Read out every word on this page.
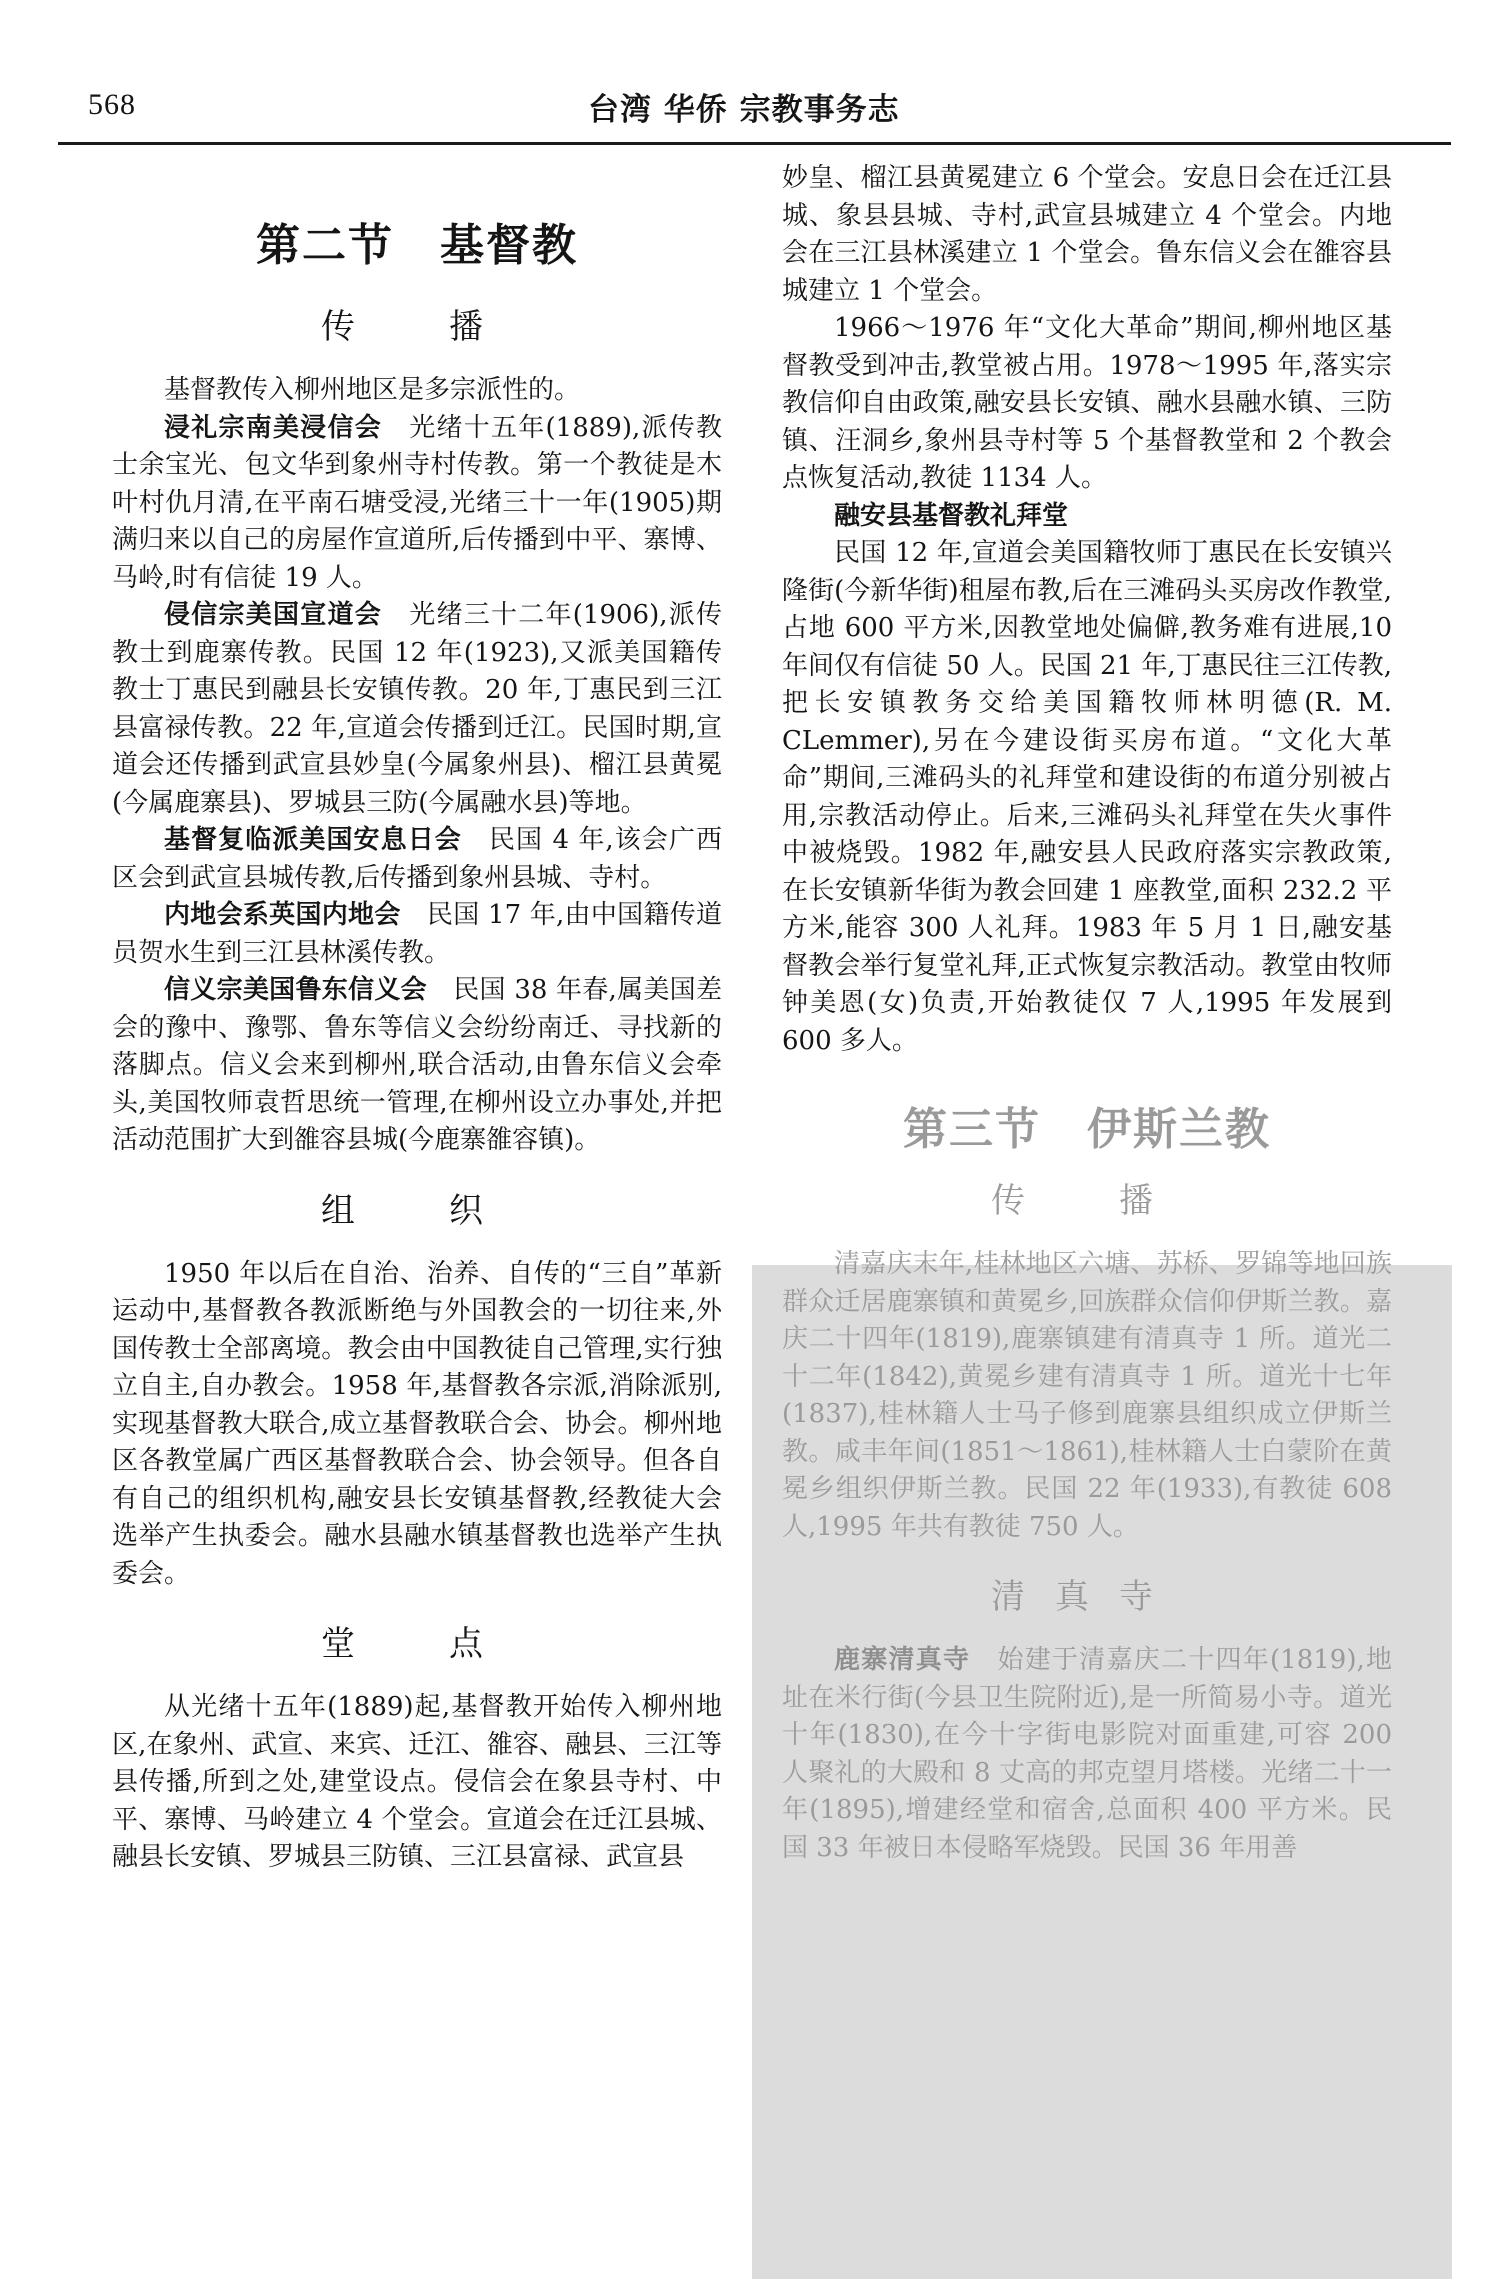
568	台湾 华侨 宗教事务志
第二节　基督教
传　播

基督教传入柳州地区是多宗派性的。

浸礼宗南美浸信会　光绪十五年(1889),派传教士余宝光、包文华到象州寺村传教。第一个教徒是木叶村仇月清,在平南石塘受浸,光绪三十一年(1905)期满归来以自己的房屋作宣道所,后传播到中平、寨博、马岭,时有信徒 19 人。

侵信宗美国宣道会　光绪三十二年(1906),派传教士到鹿寨传教。民国 12 年(1923),又派美国籍传教士丁惠民到融县长安镇传教。20 年,丁惠民到三江县富禄传教。22 年,宣道会传播到迁江。民国时期,宣道会还传播到武宣县妙皇(今属象州县)、榴江县黄冕(今属鹿寨县)、罗城县三防(今属融水县)等地。

基督复临派美国安息日会　民国 4 年,该会广西区会到武宣县城传教,后传播到象州县城、寺村。

内地会系英国内地会　民国 17 年,由中国籍传道员贺水生到三江县林溪传教。

信义宗美国鲁东信义会　民国 38 年春,属美国差会的豫中、豫鄂、鲁东等信义会纷纷南迁、寻找新的落脚点。信义会来到柳州,联合活动,由鲁东信义会牵头,美国牧师袁哲思统一管理,在柳州设立办事处,并把活动范围扩大到雒容县城(今鹿寨雒容镇)。

组　织

1950 年以后在自治、治养、自传的“三自”革新运动中,基督教各教派断绝与外国教会的一切往来,外国传教士全部离境。教会由中国教徒自己管理,实行独立自主,自办教会。1958 年,基督教各宗派,消除派别,实现基督教大联合,成立基督教联合会、协会。柳州地区各教堂属广西区基督教联合会、协会领导。但各自有自己的组织机构,融安县长安镇基督教,经教徒大会选举产生执委会。融水县融水镇基督教也选举产生执委会。

堂　点

从光绪十五年(1889)起,基督教开始传入柳州地区,在象州、武宣、来宾、迁江、雒容、融县、三江等县传播,所到之处,建堂设点。侵信会在象县寺村、中平、寨博、马岭建立 4 个堂会。宣道会在迁江县城、融县长安镇、罗城县三防镇、三江县富禄、武宣县

妙皇、榴江县黄冕建立 6 个堂会。安息日会在迁江县城、象县县城、寺村,武宣县城建立 4 个堂会。内地会在三江县林溪建立 1 个堂会。鲁东信义会在雒容县城建立 1 个堂会。

1966～1976 年“文化大革命”期间,柳州地区基督教受到冲击,教堂被占用。1978～1995 年,落实宗教信仰自由政策,融安县长安镇、融水县融水镇、三防镇、汪洞乡,象州县寺村等 5 个基督教堂和 2 个教会点恢复活动,教徒 1134 人。

融安县基督教礼拜堂

民国 12 年,宣道会美国籍牧师丁惠民在长安镇兴隆街(今新华街)租屋布教,后在三滩码头买房改作教堂,占地 600 平方米,因教堂地处偏僻,教务难有进展,10 年间仅有信徒 50 人。民国 21 年,丁惠民往三江传教,把长安镇教务交给美国籍牧师林明德(R. M. CLemmer),另在今建设街买房布道。“文化大革命”期间,三滩码头的礼拜堂和建设街的布道分别被占用,宗教活动停止。后来,三滩码头礼拜堂在失火事件中被烧毁。1982 年,融安县人民政府落实宗教政策,在长安镇新华街为教会回建 1 座教堂,面积 232.2 平方米,能容 300 人礼拜。1983 年 5 月 1 日,融安基督教会举行复堂礼拜,正式恢复宗教活动。教堂由牧师钟美恩(女)负责,开始教徒仅 7 人,1995 年发展到 600 多人。

第三节　伊斯兰教
传　播

清嘉庆末年,桂林地区六塘、苏桥、罗锦等地回族群众迁居鹿寨镇和黄冕乡,回族群众信仰伊斯兰教。嘉庆二十四年(1819),鹿寨镇建有清真寺 1 所。道光二十二年(1842),黄冕乡建有清真寺 1 所。道光十七年(1837),桂林籍人士马子修到鹿寨县组织成立伊斯兰教。咸丰年间(1851～1861),桂林籍人士白蒙阶在黄冕乡组织伊斯兰教。民国 22 年(1933),有教徒 608 人,1995 年共有教徒 750 人。

清真寺

鹿寨清真寺　始建于清嘉庆二十四年(1819),地址在米行街(今县卫生院附近),是一所简易小寺。道光十年(1830),在今十字街电影院对面重建,可容 200 人聚礼的大殿和 8 丈高的邦克望月塔楼。光绪二十一年(1895),增建经堂和宿舍,总面积 400 平方米。民国 33 年被日本侵略军烧毁。民国 36 年用善
